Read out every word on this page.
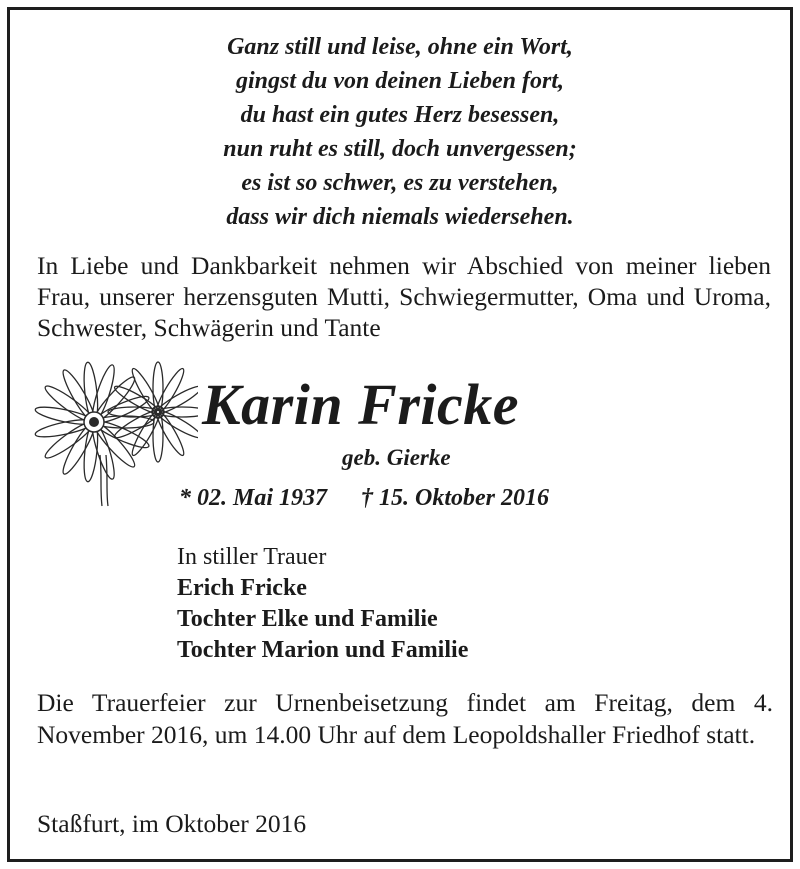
Ganz still und leise, ohne ein Wort,
gingst du von deinen Lieben fort,
du hast ein gutes Herz besessen,
nun ruht es still, doch unvergessen;
es ist so schwer, es zu verstehen,
dass wir dich niemals wiedersehen.
In Liebe und Dankbarkeit nehmen wir Abschied von meiner lieben Frau, unserer herzensguten Mutti, Schwiegermutter, Oma und Uroma, Schwester, Schwägerin und Tante
Karin Fricke
geb. Gierke
* 02. Mai 1937 † 15. Oktober 2016
In stiller Trauer
Erich Fricke
Tochter Elke und Familie
Tochter Marion und Familie
Die Trauerfeier zur Urnenbeisetzung findet am Freitag, dem 4. November 2016, um 14.00 Uhr auf dem Leopoldshaller Friedhof statt.
Staßfurt, im Oktober 2016
